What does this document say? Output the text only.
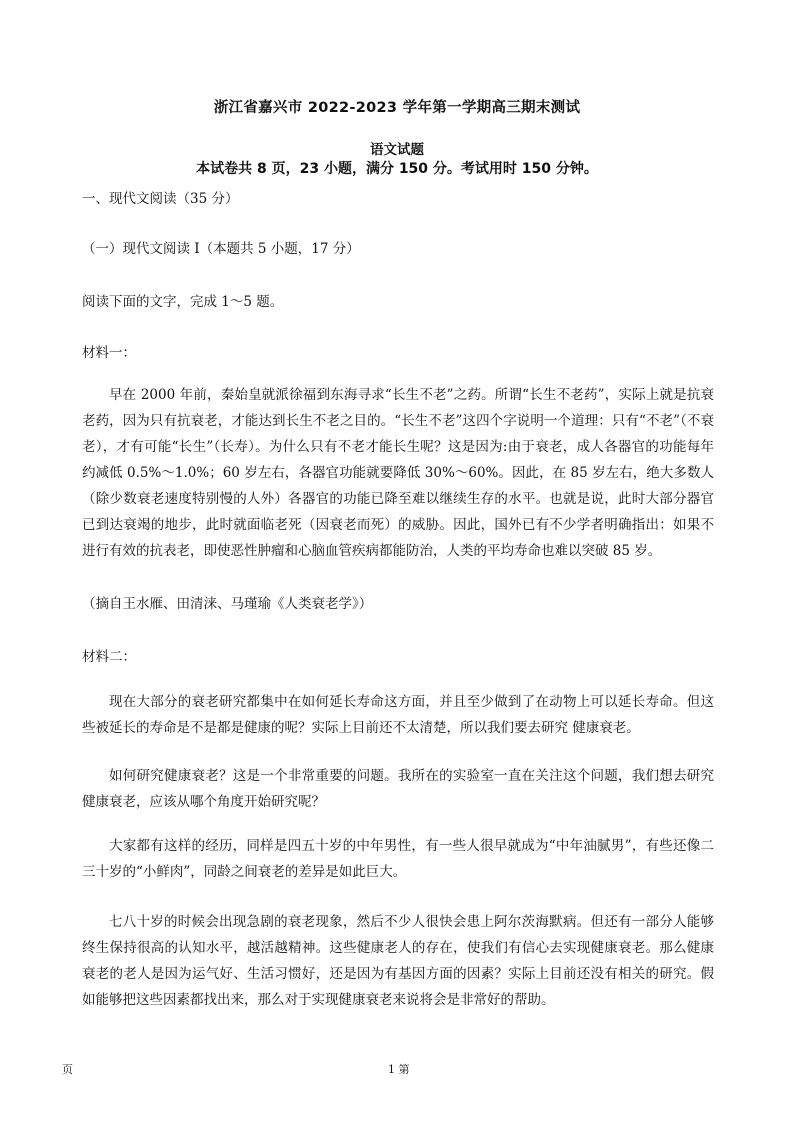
浙江省嘉兴市 2022-2023 学年第一学期高三期末测试
语文试题
本试卷共 8 页，23 小题，满分 150 分。考试用时 150 分钟。
一、现代文阅读（35 分）
（一）现代文阅读 I（本题共 5 小题，17 分）
阅读下面的文字，完成 1～5 题。
材料一：

早在 2000 年前，秦始皇就派徐福到东海寻求“长生不老”之药。所谓“长生不老药”，实际上就是抗衰老药，因为只有抗衰老，才能达到长生不老之目的。“长生不老”这四个字说明一个道理：只有“不老”（不衰老），才有可能“长生”（长寿）。为什么只有不老才能长生呢？这是因为:由于衰老，成人各器官的功能每年约减低 0.5%～1.0%；60 岁左右，各器官功能就要降低 30%～60%。因此，在 85 岁左右，绝大多数人（除少数衰老速度特别慢的人外）各器官的功能已降至难以继续生存的水平。也就是说，此时大部分器官已到达衰竭的地步，此时就面临老死（因衰老而死）的威胁。因此，国外已有不少学者明确指出：如果不进行有效的抗表老，即使恶性肿瘤和心脑血管疾病都能防治，人类的平均寿命也难以突破 85 岁。

（摘自王水雁、田清涞、马瑾瑜《人类衰老学》）
材料二：

现在大部分的衰老研究都集中在如何延长寿命这方面，并且至少做到了在动物上可以延长寿命。但这些被延长的寿命是不是都是健康的呢？实际上目前还不太清楚，所以我们要去研究 健康衰老。

如何研究健康衰老？这是一个非常重要的问题。我所在的实验室一直在关注这个问题，我们想去研究健康衰老，应该从哪个角度开始研究呢？

大家都有这样的经历，同样是四五十岁的中年男性，有一些人很早就成为“中年油腻男”，有些还像二三十岁的“小鲜肉”，同龄之间衰老的差异是如此巨大。

七八十岁的时候会出现急剧的衰老现象，然后不少人很快会患上阿尔茨海默病。但还有一部分人能够终生保持很高的认知水平，越活越精神。这些健康老人的存在，使我们有信心去实现健康衰老。那么健康衰老的老人是因为运气好、生活习惯好，还是因为有基因方面的因素？实际上目前还没有相关的研究。假如能够把这些因素都找出来，那么对于实现健康衰老来说将会是非常好的帮助。

页	1 第
